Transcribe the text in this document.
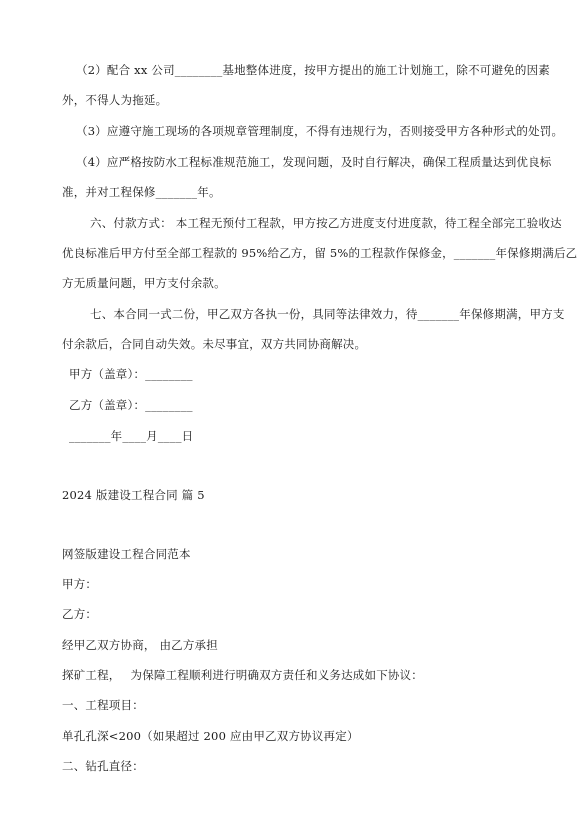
（2）配合 xx 公司________基地整体进度，按甲方提出的施工计划施工，除不可避免的因素
外，不得人为拖延。
（3）应遵守施工现场的各项规章管理制度，不得有违规行为，否则接受甲方各种形式的处罚。
（4）应严格按防水工程标准规范施工，发现问题，及时自行解决，确保工程质量达到优良标
准，并对工程保修_______年。
六、付款方式： 本工程无预付工程款，甲方按乙方进度支付进度款，待工程全部完工验收达
优良标准后甲方付至全部工程款的 95%给乙方，留 5%的工程款作保修金，_______年保修期满后乙
方无质量问题，甲方支付余款。
七、本合同一式二份，甲乙双方各执一份，具同等法律效力，待_______年保修期满，甲方支
付余款后，合同自动失效。未尽事宜，双方共同协商解决。
甲方（盖章）：________
乙方（盖章）：________
_______年____月____日
2024 版建设工程合同 篇 5
网签版建设工程合同范本
甲方：
乙方：
经甲乙双方协商， 由乙方承担
探矿工程， 为保障工程顺利进行明确双方责任和义务达成如下协议：
一、工程项目：
单孔孔深<200（如果超过 200 应由甲乙双方协议再定）
二、钻孔直径：
